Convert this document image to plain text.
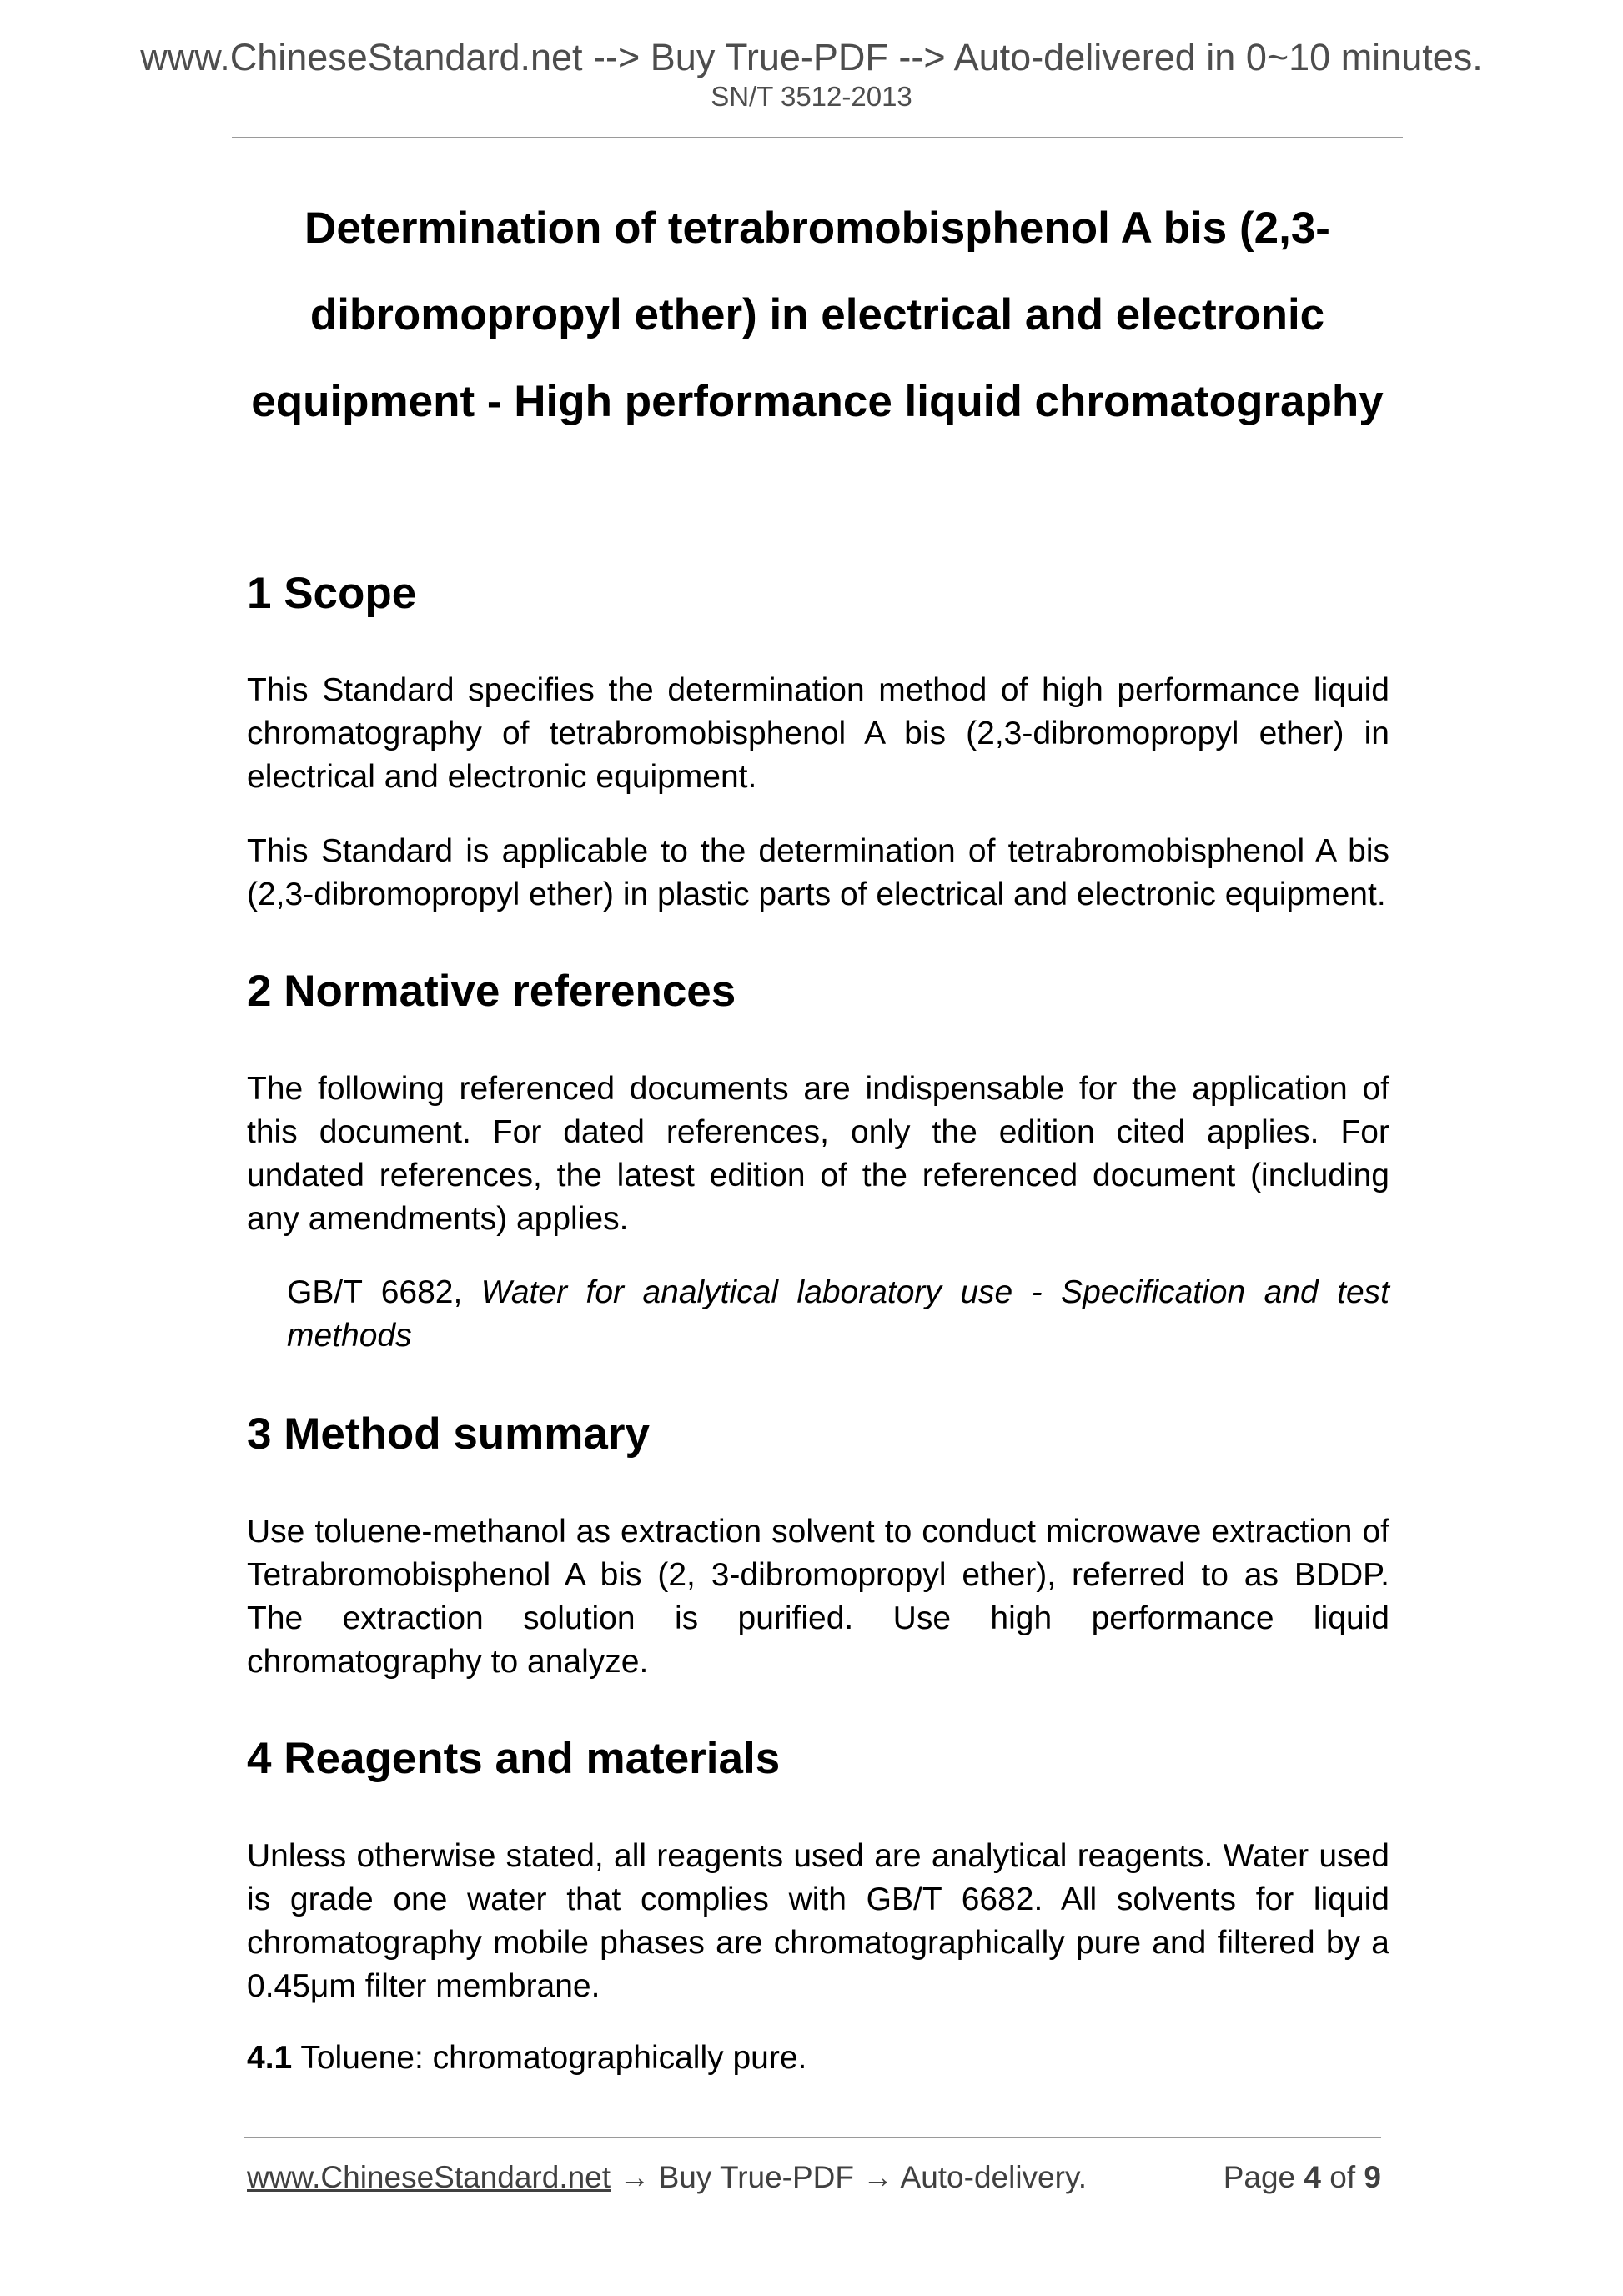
www.ChineseStandard.net --> Buy True-PDF --> Auto-delivered in 0~10 minutes.
SN/T 3512-2013
Determination of tetrabromobisphenol A bis (2,3-
dibromopropyl ether) in electrical and electronic
equipment - High performance liquid chromatography
1 Scope

This Standard specifies the determination method of high performance liquid chromatography of tetrabromobisphenol A bis (2,3-dibromopropyl ether) in electrical and electronic equipment.

This Standard is applicable to the determination of tetrabromobisphenol A bis (2,3-dibromopropyl ether) in plastic parts of electrical and electronic equipment.

2 Normative references

The following referenced documents are indispensable for the application of this document. For dated references, only the edition cited applies. For undated references, the latest edition of the referenced document (including any amendments) applies.

GB/T 6682, Water for analytical laboratory use - Specification and test methods

3 Method summary

Use toluene-methanol as extraction solvent to conduct microwave extraction of Tetrabromobisphenol A bis (2, 3-dibromopropyl ether), referred to as BDDP. The extraction solution is purified. Use high performance liquid chromatography to analyze.

4 Reagents and materials

Unless otherwise stated, all reagents used are analytical reagents. Water used is grade one water that complies with GB/T 6682. All solvents for liquid chromatography mobile phases are chromatographically pure and filtered by a 0.45μm filter membrane.

4.1 Toluene: chromatographically pure.

www.ChineseStandard.net → Buy True-PDF → Auto-delivery.	Page 4 of 9
